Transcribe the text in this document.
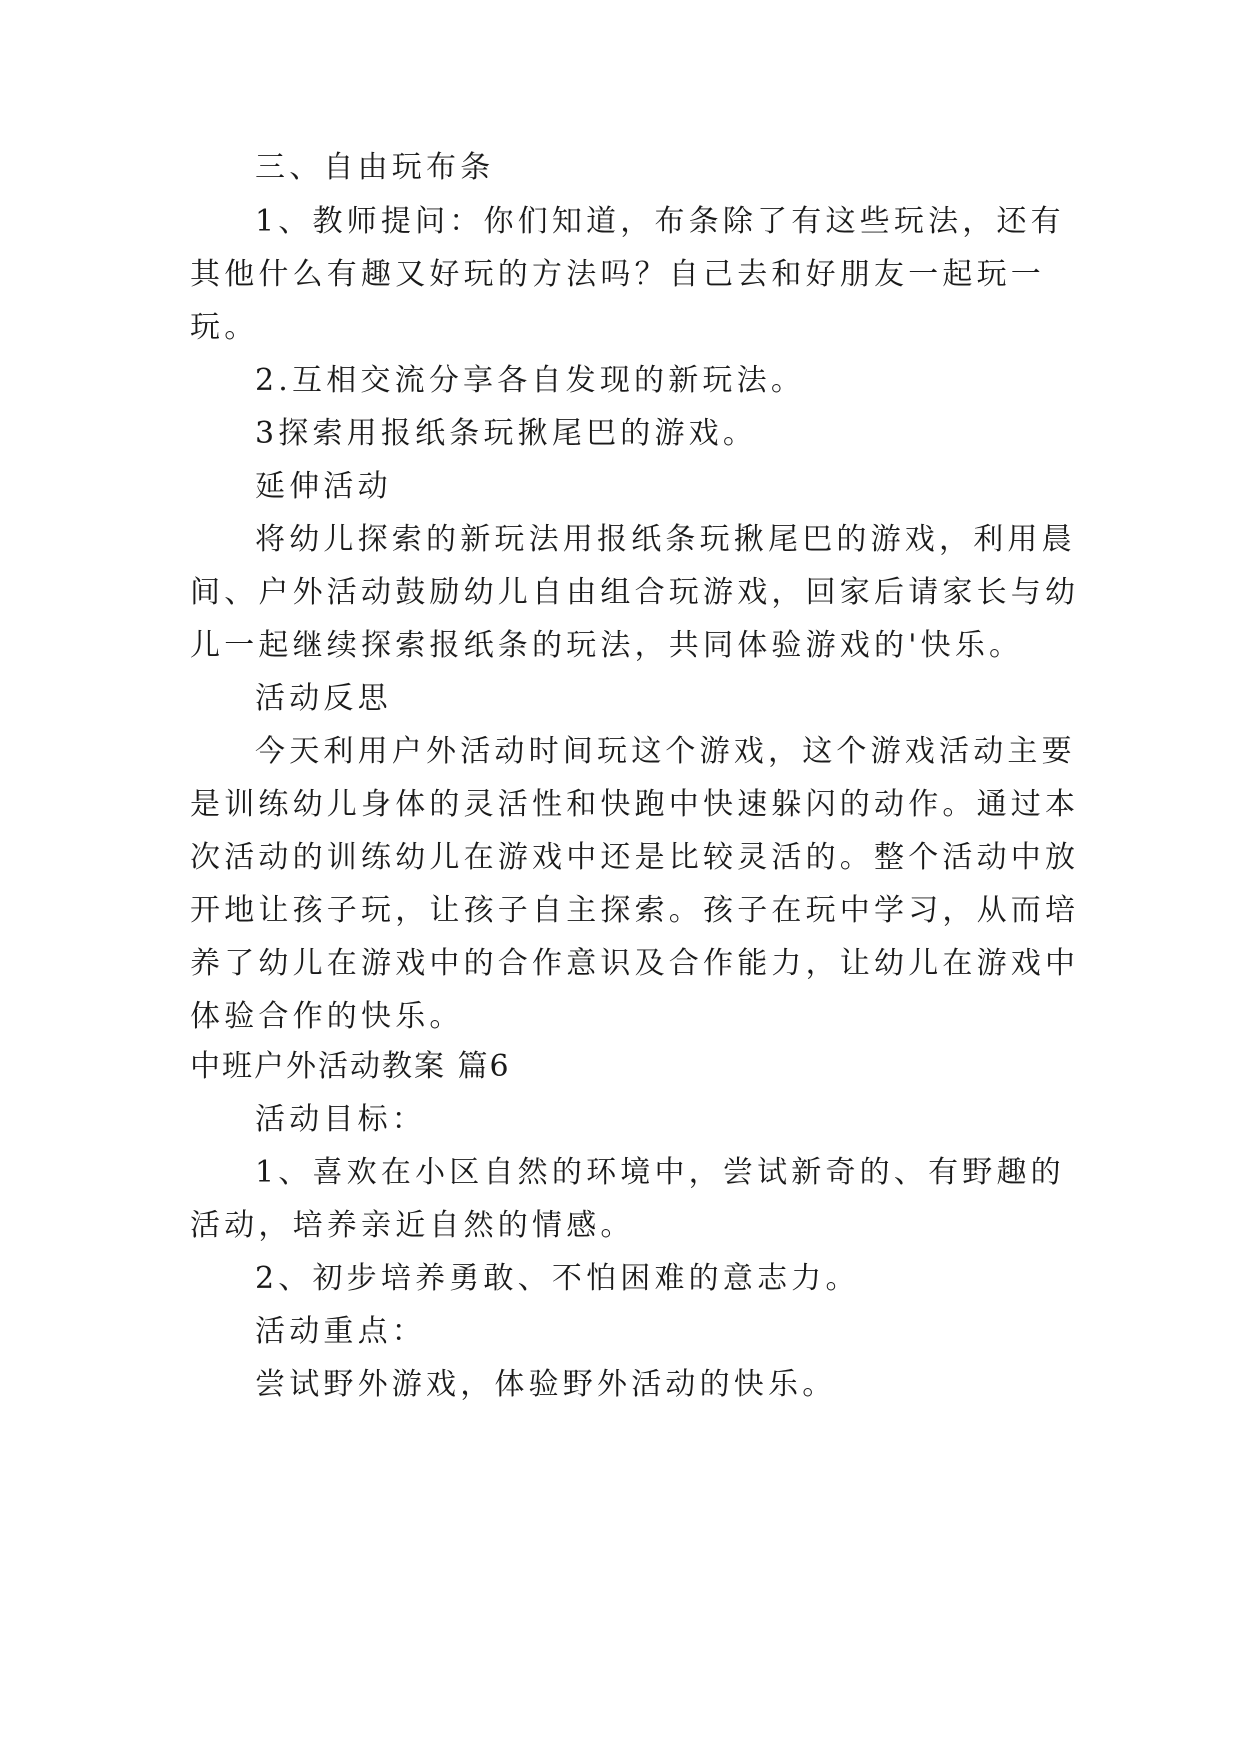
三、自由玩布条

1、教师提问：你们知道，布条除了有这些玩法，还有

其他什么有趣又好玩的方法吗？自己去和好朋友一起玩一

玩。

2.互相交流分享各自发现的新玩法。

3探索用报纸条玩揪尾巴的游戏。

延伸活动

将幼儿探索的新玩法用报纸条玩揪尾巴的游戏，利用晨

间、户外活动鼓励幼儿自由组合玩游戏，回家后请家长与幼

儿一起继续探索报纸条的玩法，共同体验游戏的'快乐。

活动反思

今天利用户外活动时间玩这个游戏，这个游戏活动主要

是训练幼儿身体的灵活性和快跑中快速躲闪的动作。通过本

次活动的训练幼儿在游戏中还是比较灵活的。整个活动中放

开地让孩子玩，让孩子自主探索。孩子在玩中学习，从而培

养了幼儿在游戏中的合作意识及合作能力，让幼儿在游戏中

体验合作的快乐。

中班户外活动教案 篇6

活动目标：

1、喜欢在小区自然的环境中，尝试新奇的、有野趣的

活动，培养亲近自然的情感。

2、初步培养勇敢、不怕困难的意志力。

活动重点：

尝试野外游戏，体验野外活动的快乐。
